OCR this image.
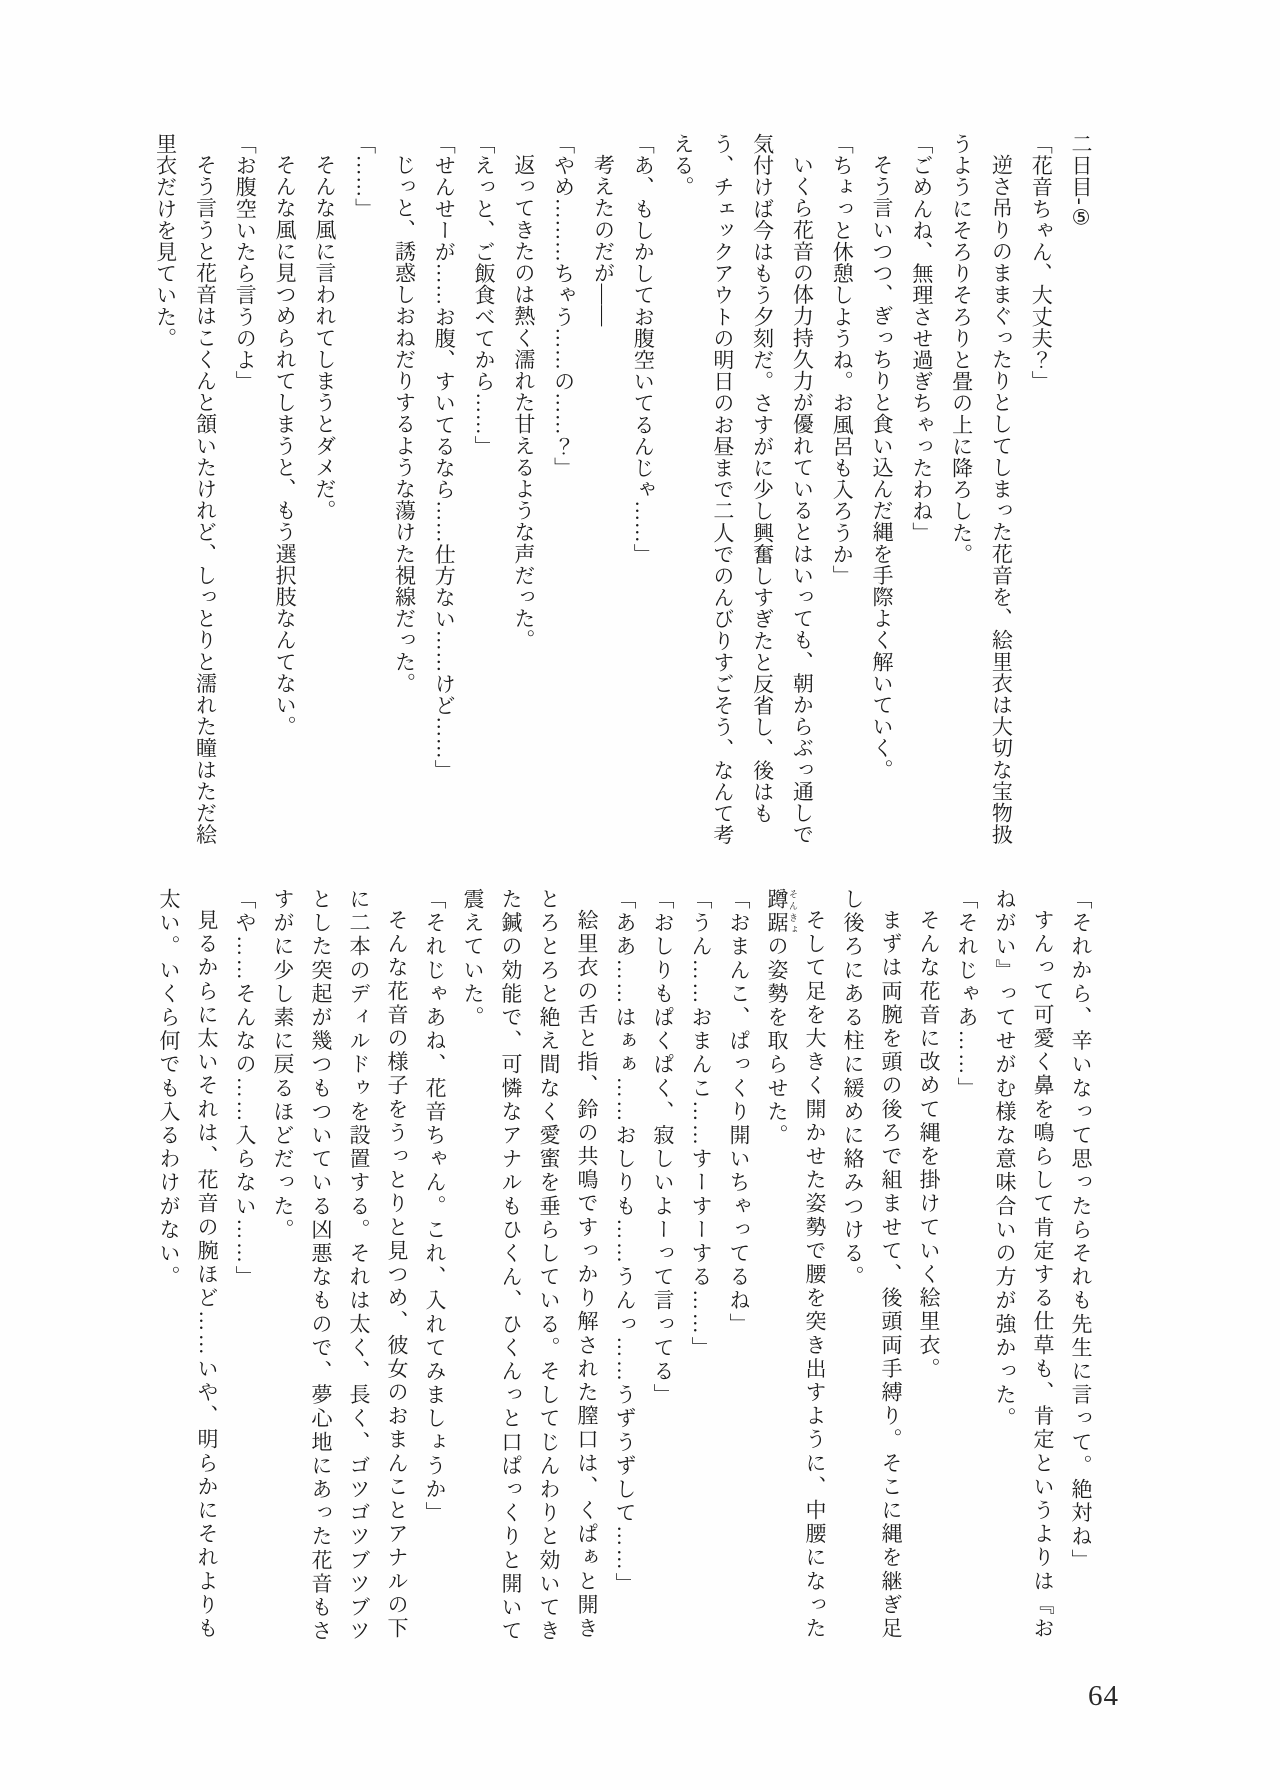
二日目‐⑤

「花音ちゃん、大丈夫？」

逆さ吊りのままぐったりとしてしまった花音を、絵里衣は大切な宝物扱うようにそろりそろりと畳の上に降ろした。

「ごめんね、無理させ過ぎちゃったわね」

そう言いつつ、ぎっちりと食い込んだ縄を手際よく解いていく。

「ちょっと休憩しようね。お風呂も入ろうか」

いくら花音の体力持久力が優れているとはいっても、朝からぶっ通しで気付けば今はもう夕刻だ。さすがに少し興奮しすぎたと反省し、後はもう、チェックアウトの明日のお昼まで二人でのんびりすごそう、なんて考える。

「あ、もしかしてお腹空いてるんじゃ……」

考えたのだが――

「やめ………ちゃう……の……？」

返ってきたのは熱く濡れた甘えるような声だった。

「えっと、ご飯食べてから……」

「せんせーが……お腹、すいてるなら……仕方ない……けど……」

じっと、誘惑しおねだりするような蕩けた視線だった。

「……」

そんな風に言われてしまうとダメだ。

そんな風に見つめられてしまうと、もう選択肢なんてない。

「お腹空いたら言うのよ」

そう言うと花音はこくんと頷いたけれど、しっとりと濡れた瞳はただ絵里衣だけを見ていた。

「それから、辛いなって思ったらそれも先生に言って。絶対ね」

すんって可愛く鼻を鳴らして肯定する仕草も、肯定というよりは『おねがい』ってせがむ様な意味合いの方が強かった。

「それじゃあ……」

そんな花音に改めて縄を掛けていく絵里衣。

まずは両腕を頭の後ろで組ませて、後頭両手縛り。そこに縄を継ぎ足し後ろにある柱に緩めに絡みつける。

そして足を大きく開かせた姿勢で腰を突き出すように、中腰になった蹲踞 そんきょの姿勢を取らせた。

「おまんこ、ぱっくり開いちゃってるね」

「うん……おまんこ……すーすーする……」

「おしりもぱくぱく、寂しいよーって言ってる」

「ああ……はぁぁ……おしりも……うんっ……うずうずして……」

絵里衣の舌と指、鈴の共鳴ですっかり解された膣口は、くぱぁと開きとろとろと絶え間なく愛蜜を垂らしている。そしてじんわりと効いてきた鍼の効能で、可憐なアナルもひくん、ひくんっと口ぱっくりと開いて震えていた。

「それじゃあね、花音ちゃん。これ、入れてみましょうか」

そんな花音の様子をうっとりと見つめ、彼女のおまんことアナルの下に二本のディルドゥを設置する。それは太く、長く、ゴツゴツブツブツとした突起が幾つもついている凶悪なもので、夢心地にあった花音もさすがに少し素に戻るほどだった。

「や……そんなの……入らない……」

見るからに太いそれは、花音の腕ほど……いや、明らかにそれよりも太い。いくら何でも入るわけがない。

64
